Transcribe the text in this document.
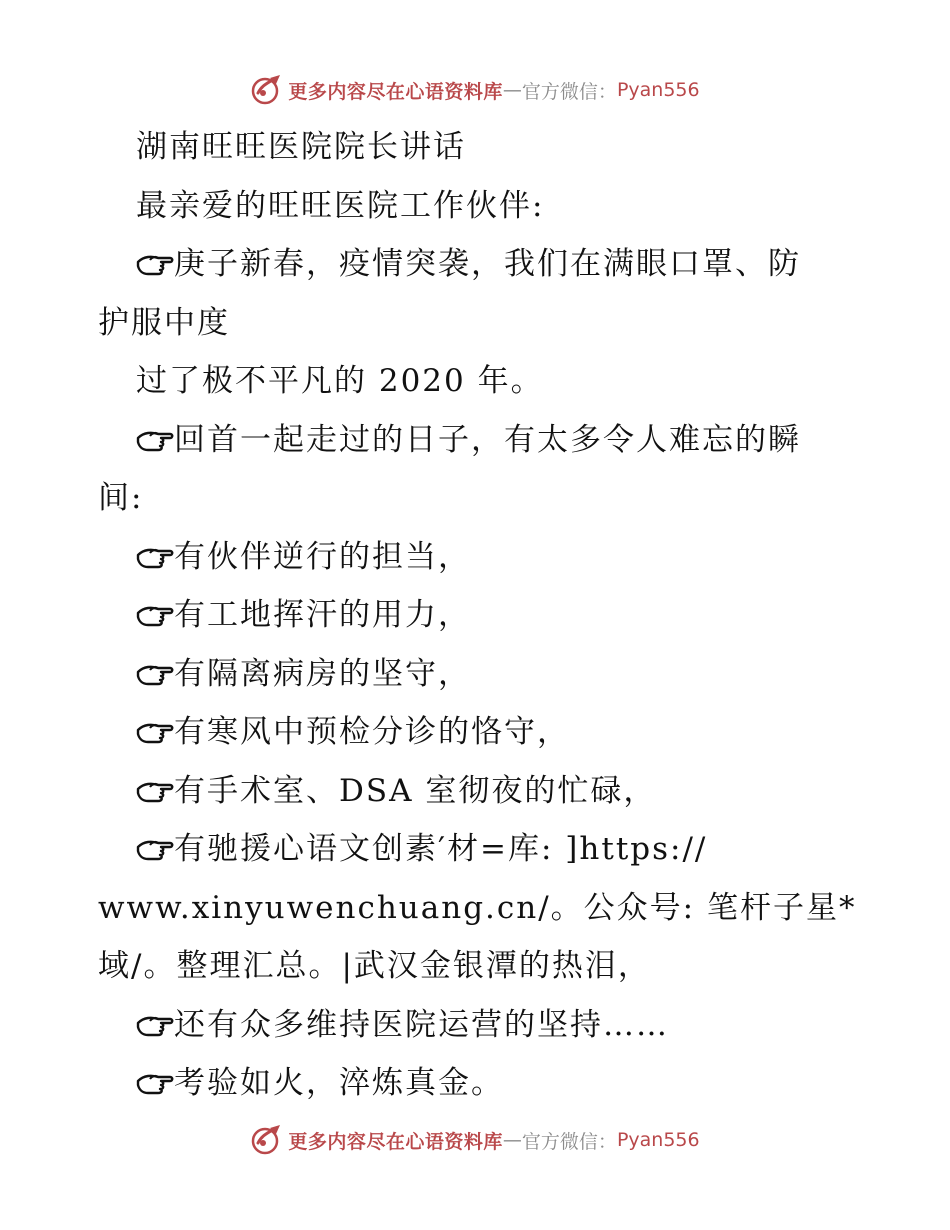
更多内容尽在心语资料库 — 官方微信： Pyan556
湖南旺旺医院院长讲话
最亲爱的旺旺医院工作伙伴:
庚子新春，疫情突袭，我们在满眼口罩、防
护服中度
过了极不平凡的 2020 年。
回首一起走过的日子，有太多令人难忘的瞬
间:
有伙伴逆行的担当，
有工地挥汗的用力，
有隔离病房的坚守，
有寒风中预检分诊的恪守，
有手术室、DSA 室彻夜的忙碌，
有驰援心语文创素′材=库: ]https://
www.xinyuwenchuang.cn/。公众号: 笔杆子星*
域/。整理汇总。|武汉金银潭的热泪，
还有众多维持医院运营的坚持……
考验如火，淬炼真金。
更多内容尽在心语资料库 — 官方微信： Pyan556
